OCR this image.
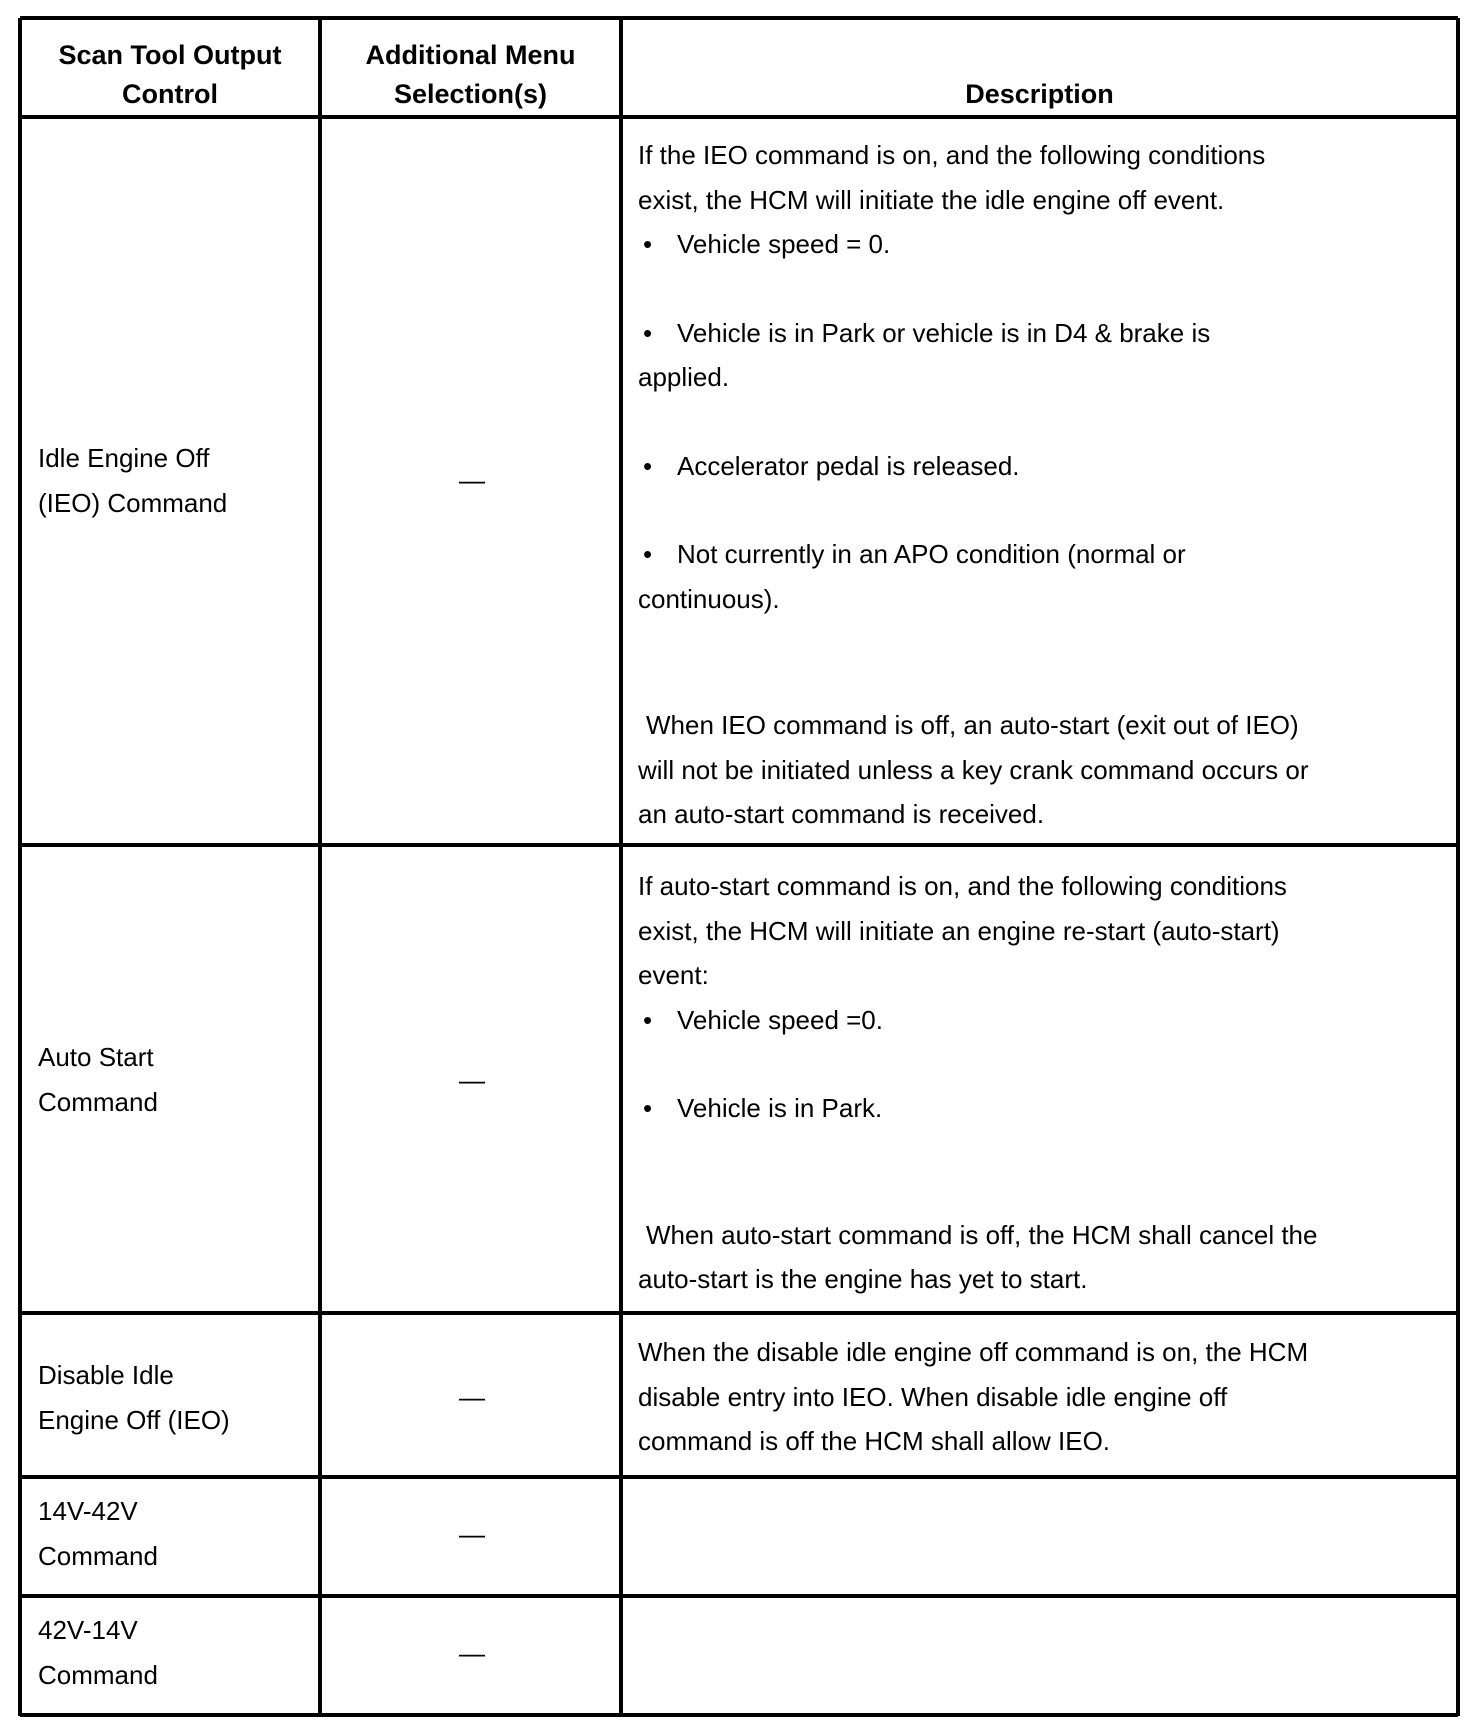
Scan Tool Output
Control
Additional Menu
Selection(s)	Description
Idle Engine Off
(IEO) Command
—

If the IEO command is on, and the following conditions

exist, the HCM will initiate the idle engine off event.

• Vehicle speed = 0.

• Vehicle is in Park or vehicle is in D4 & brake is

applied.

• Accelerator pedal is released.

• Not currently in an APO condition (normal or

continuous).

When IEO command is off, an auto-start (exit out of IEO)

will not be initiated unless a key crank command occurs or

an auto-start command is received.

Auto Start
Command
—

If auto-start command is on, and the following conditions

exist, the HCM will initiate an engine re-start (auto-start)

event:

• Vehicle speed =0.

• Vehicle is in Park.

When auto-start command is off, the HCM shall cancel the

auto-start is the engine has yet to start.

Disable Idle
Engine Off (IEO)
—

When the disable idle engine off command is on, the HCM

disable entry into IEO. When disable idle engine off

command is off the HCM shall allow IEO.

14V-42V
Command
—
42V-14V
Command
—
